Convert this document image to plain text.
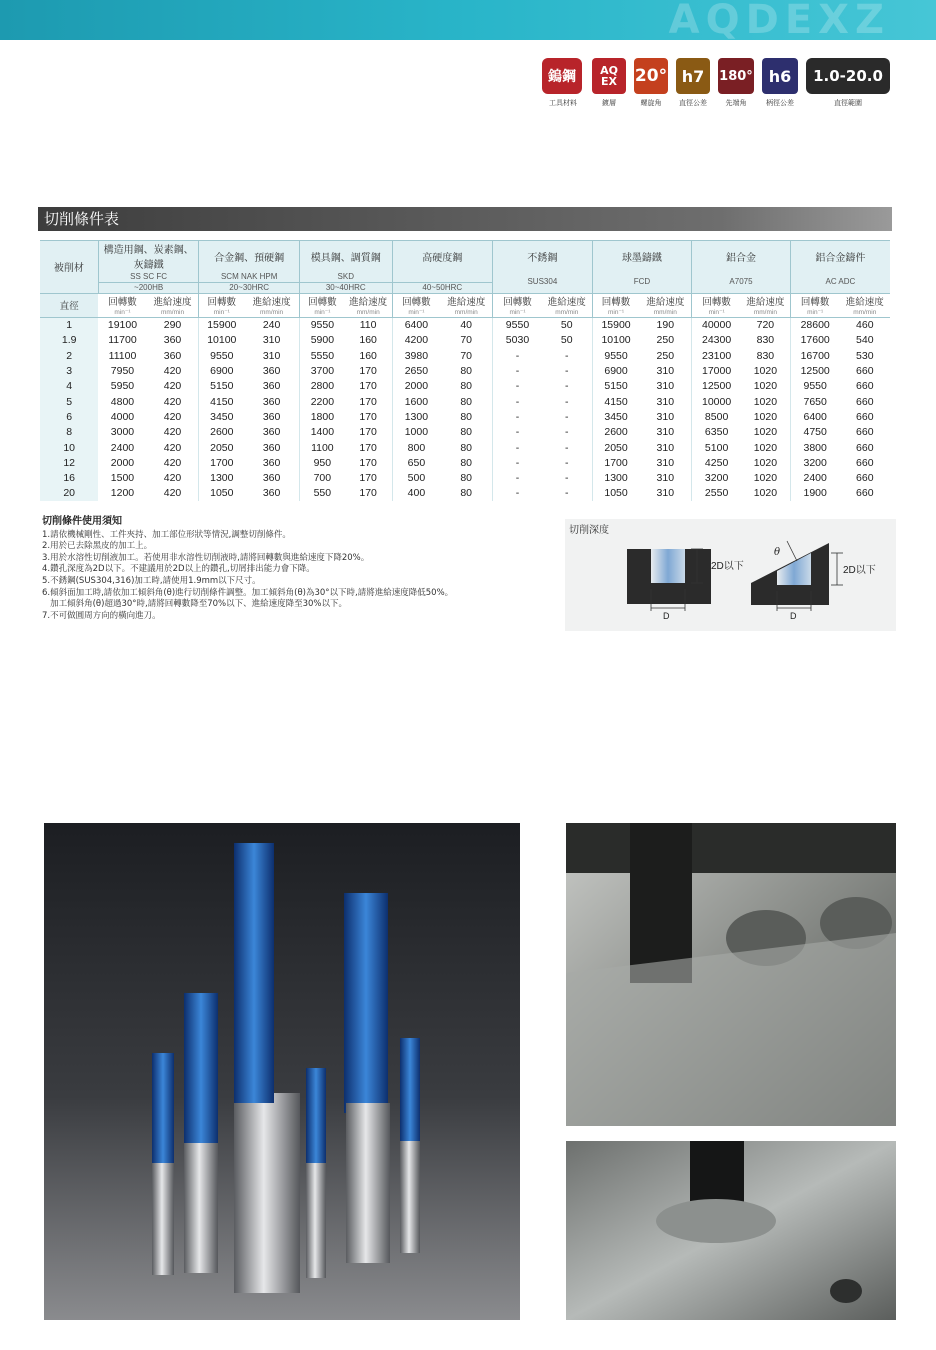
AQDEXZ
鎢鋼
工具材料
AQ EX
鍍層
20°
螺旋角
h7
直徑公差
180°
先端角
h6
柄徑公差
1.0-20.0
直徑範圍
切削條件表
被削材	構造用鋼、炭素鋼、灰鑄鐵		合金鋼、預硬鋼		模具鋼、調質鋼		高硬度鋼		不銹鋼		球墨鑄鐵		鋁合金		鋁合金鑄件	
	SS SC FC		SCM NAK HPM		SKD				SUS304		FCD		A7075		AC ADC	
	~200HB		20~30HRC		30~40HRC		40~50HRC									
直徑	回轉數	進給速度	回轉數	進給速度	回轉數	進給速度	回轉數	進給速度	回轉數	進給速度	回轉數	進給速度	回轉數	進給速度	回轉數	進給速度
	min⁻¹	mm/min	min⁻¹	mm/min	min⁻¹	mm/min	min⁻¹	mm/min	min⁻¹	mm/min	min⁻¹	mm/min	min⁻¹	mm/min	min⁻¹	mm/min
1	19100	290	15900	240	9550	110	6400	40	9550	50	15900	190	40000	720	28600	460
1.9	11700	360	10100	310	5900	160	4200	70	5030	50	10100	250	24300	830	17600	540
2	11100	360	9550	310	5550	160	3980	70	-	-	9550	250	23100	830	16700	530
3	7950	420	6900	360	3700	170	2650	80	-	-	6900	310	17000	1020	12500	660
4	5950	420	5150	360	2800	170	2000	80	-	-	5150	310	12500	1020	9550	660
5	4800	420	4150	360	2200	170	1600	80	-	-	4150	310	10000	1020	7650	660
6	4000	420	3450	360	1800	170	1300	80	-	-	3450	310	8500	1020	6400	660
8	3000	420	2600	360	1400	170	1000	80	-	-	2600	310	6350	1020	4750	660
10	2400	420	2050	360	1100	170	800	80	-	-	2050	310	5100	1020	3800	660
12	2000	420	1700	360	950	170	650	80	-	-	1700	310	4250	1020	3200	660
16	1500	420	1300	360	700	170	500	80	-	-	1300	310	3200	1020	2400	660
20	1200	420	1050	360	550	170	400	80	-	-	1050	310	2550	1020	1900	660
切削條件使用須知
1.請依機械剛性、工件夾持、加工部位形狀等情況,調整切削條件。
2.用於已去除黑皮的加工上。
3.用於水溶性切削液加工。若使用非水溶性切削液時,請將回轉數與進給速度下降20%。
4.鑽孔深度為2D以下。不建議用於2D以上的鑽孔,切屑排出能力會下降。
5.不銹鋼(SUS304,316)加工時,請使用1.9mm以下尺寸。
6.傾斜面加工時,請依加工傾斜角(θ)進行切削條件調整。加工傾斜角(θ)為30°以下時,請將進給速度降低50%。
加工傾斜角(θ)超過30°時,請將回轉數降至70%以下、進給速度降至30%以下。
7.不可做圓周方向的橫向進刀。
切削深度
2D以下
D
2D以下
D
θ
